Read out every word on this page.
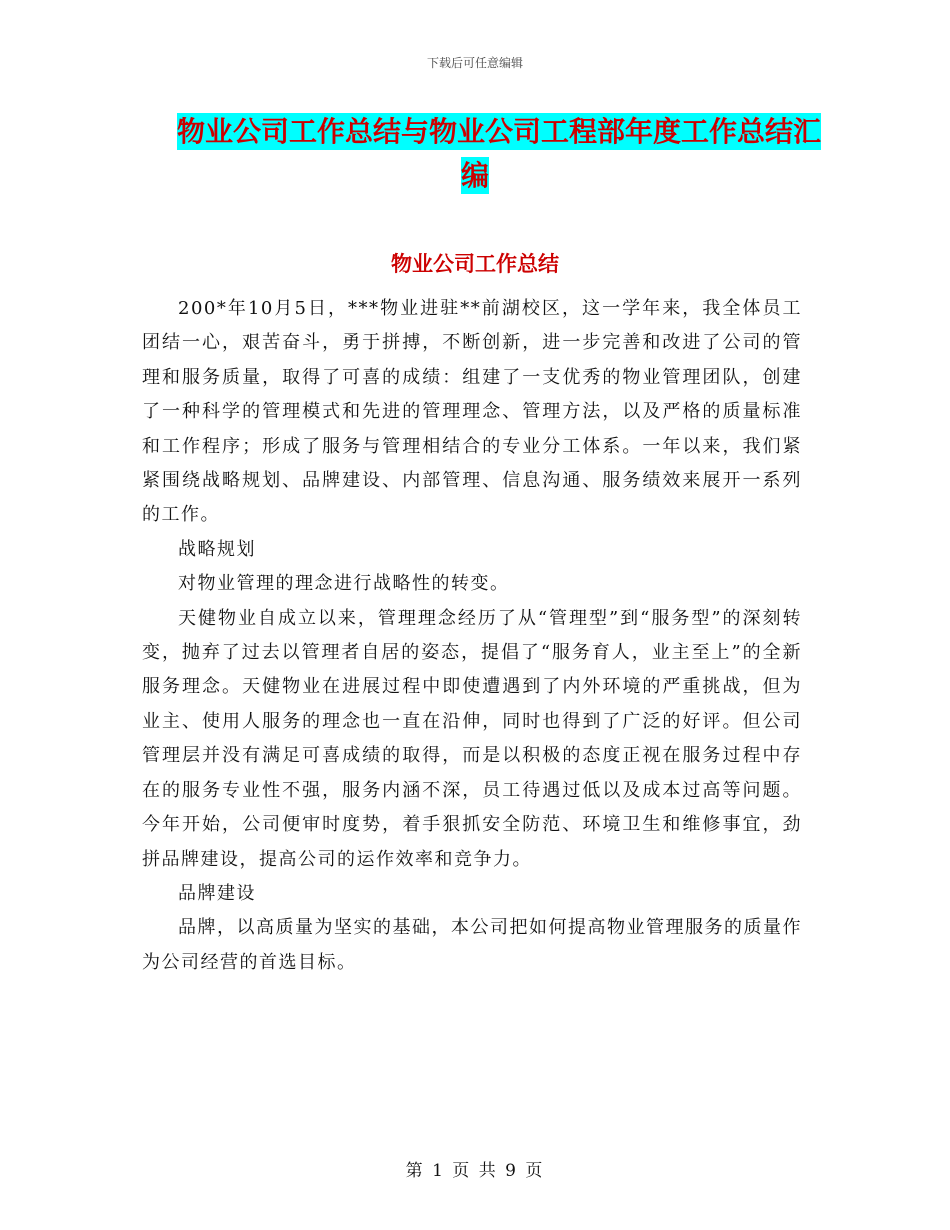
下载后可任意编辑
物业公司工作总结与物业公司工程部年度工作总结汇
编
物业公司工作总结

200*年10月5日，***物业进驻**前湖校区，这一学年来，我全体员工团结一心，艰苦奋斗，勇于拼搏，不断创新，进一步完善和改进了公司的管理和服务质量，取得了可喜的成绩：组建了一支优秀的物业管理团队，创建了一种科学的管理模式和先进的管理理念、管理方法，以及严格的质量标准和工作程序；形成了服务与管理相结合的专业分工体系。一年以来，我们紧紧围绕战略规划、品牌建设、内部管理、信息沟通、服务绩效来展开一系列的工作。

战略规划

对物业管理的理念进行战略性的转变。

天健物业自成立以来，管理理念经历了从“管理型”到“服务型”的深刻转变，抛弃了过去以管理者自居的姿态，提倡了“服务育人，业主至上”的全新服务理念。天健物业在进展过程中即使遭遇到了内外环境的严重挑战，但为业主、使用人服务的理念也一直在沿伸，同时也得到了广泛的好评。但公司管理层并没有满足可喜成绩的取得，而是以积极的态度正视在服务过程中存在的服务专业性不强，服务内涵不深，员工待遇过低以及成本过高等问题。今年开始，公司便审时度势，着手狠抓安全防范、环境卫生和维修事宜，劲拼品牌建设，提高公司的运作效率和竞争力。

品牌建设

品牌，以高质量为坚实的基础，本公司把如何提高物业管理服务的质量作为公司经营的首选目标。

第 1 页 共 9 页
